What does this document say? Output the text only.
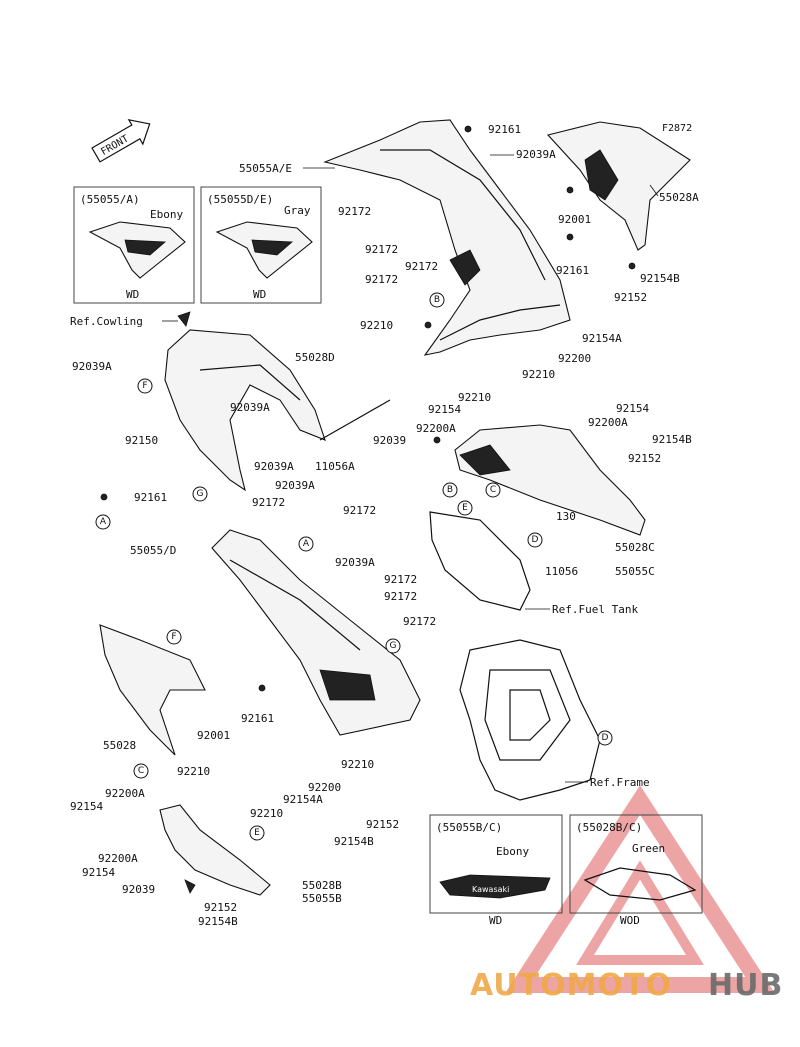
F2872
FRONT
(55055/A)
Ebony
WD
(55055D/E)
Gray
WD
55055A/E
55028A
92161
92039A
92172
92001
92172
92172	92161
92154B
92172
92152
B
92210
92154A
92200
Ref.Cowling
55028D
92039A
92210
92210
F
92039A	92154	92154
92150
92200A	92200A
92039
11056A
92039A
92154B
92039A
92152
G
92161
B	C
E
A
92172
130
92172
55028C
55055C
D
11056
55055/D	A
92039A
Ref.Fuel Tank
92172
92172
92172
F
G
92161
92001
55028
D
Ref.Frame
92210
92200
92210
92154A
C
92200A
92154
92210
92152
E
92154B
92200A
92154
92039	55028B
55055B
92152
92154B
(55055B/C)
Ebony
Kawasaki
WD
(55028B/C)
Green
WOD
AUTOMOTO HUB
